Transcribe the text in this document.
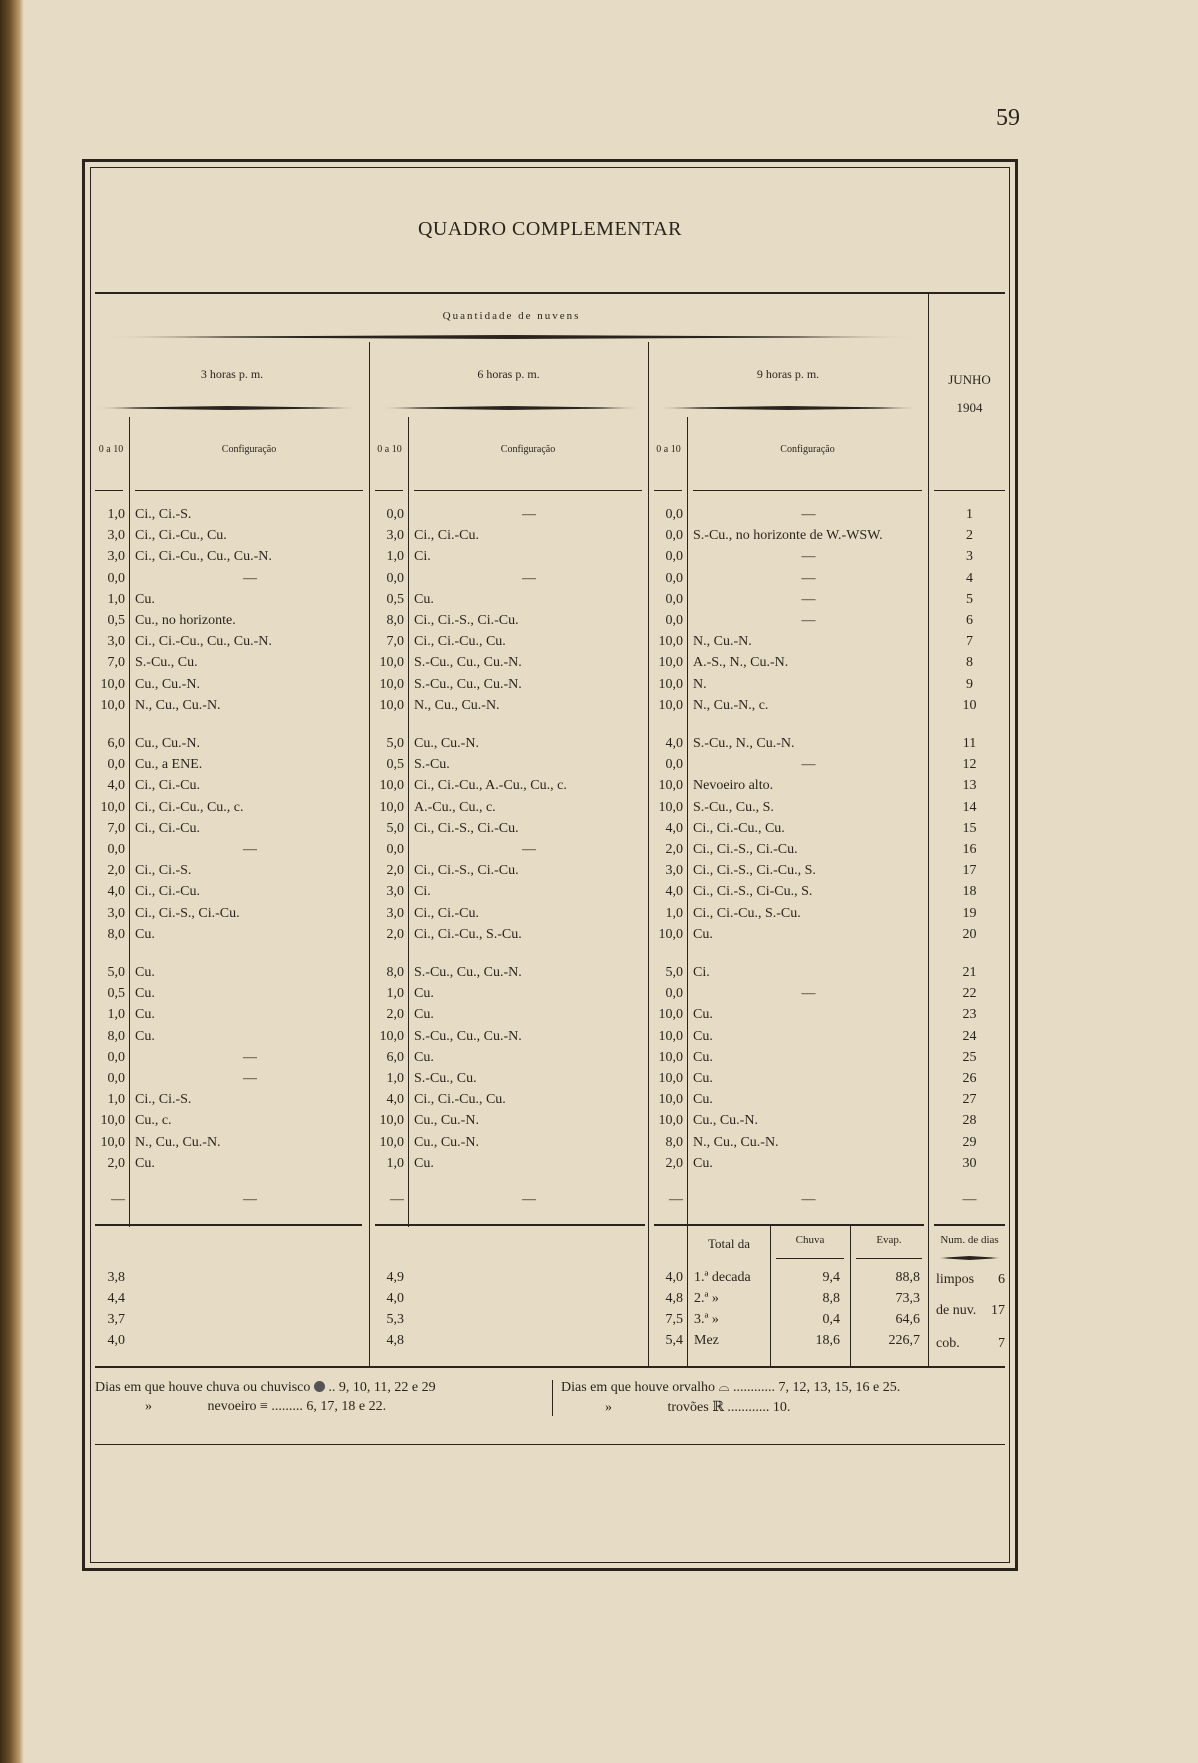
59
QUADRO COMPLEMENTAR
Quantidade de nuvens
3 horas p. m.	6 horas p. m.	9 horas p. m.	JUNHO
1904
0 a 10	Configuração	0 a 10	Configuração	0 a 10	Configuração
1,0 Ci., Ci.-S.	0,0	—	0,0	—	1
3,0 Ci., Ci.-Cu., Cu.	3,0 Ci., Ci.-Cu.	0,0 S.-Cu., no horizonte de W.-WSW.	2
3,0 Ci., Ci.-Cu., Cu., Cu.-N.	1,0 Ci.	0,0	—	3
0,0	—	0,0	—	0,0	—	4
1,0 Cu.	0,5 Cu.	0,0	—	5
0,5 Cu., no horizonte.	8,0 Ci., Ci.-S., Ci.-Cu.	0,0	—	6
3,0 Ci., Ci.-Cu., Cu., Cu.-N.	7,0 Ci., Ci.-Cu., Cu.	10,0 N., Cu.-N.	7
7,0 S.-Cu., Cu.	10,0 S.-Cu., Cu., Cu.-N.	10,0 A.-S., N., Cu.-N.	8
10,0 Cu., Cu.-N.	10,0 S.-Cu., Cu., Cu.-N.	10,0 N.	9
10,0 N., Cu., Cu.-N.	10,0 N., Cu., Cu.-N.	10,0 N., Cu.-N., c.	10
6,0 Cu., Cu.-N.	5,0 Cu., Cu.-N.	4,0 S.-Cu., N., Cu.-N.	11
0,0 Cu., a ENE.	0,5 S.-Cu.	0,0	—	12
4,0 Ci., Ci.-Cu.	10,0 Ci., Ci.-Cu., A.-Cu., Cu., c.	10,0 Nevoeiro alto.	13
10,0 Ci., Ci.-Cu., Cu., c.	10,0 A.-Cu., Cu., c.	10,0 S.-Cu., Cu., S.	14
7,0 Ci., Ci.-Cu.	5,0 Ci., Ci.-S., Ci.-Cu.	4,0 Ci., Ci.-Cu., Cu.	15
0,0	—	0,0	—	2,0 Ci., Ci.-S., Ci.-Cu.	16
2,0 Ci., Ci.-S.	2,0 Ci., Ci.-S., Ci.-Cu.	3,0 Ci., Ci.-S., Ci.-Cu., S.	17
4,0 Ci., Ci.-Cu.	3,0 Ci.	4,0 Ci., Ci.-S., Ci-Cu., S.	18
3,0 Ci., Ci.-S., Ci.-Cu.	3,0 Ci., Ci.-Cu.	1,0 Ci., Ci.-Cu., S.-Cu.	19
8,0 Cu.	2,0 Ci., Ci.-Cu., S.-Cu.	10,0 Cu.	20
5,0 Cu.	8,0 S.-Cu., Cu., Cu.-N.	5,0 Ci.	21
0,5 Cu.	1,0 Cu.	0,0	—	22
1,0 Cu.	2,0 Cu.	10,0 Cu.	23
8,0 Cu.	10,0 S.-Cu., Cu., Cu.-N.	10,0 Cu.	24
0,0	—	6,0 Cu.	10,0 Cu.	25
0,0	—	1,0 S.-Cu., Cu.	10,0 Cu.	26
1,0 Ci., Ci.-S.	4,0 Ci., Ci.-Cu., Cu.	10,0 Cu.	27
10,0 Cu., c.	10,0 Cu., Cu.-N.	10,0 Cu., Cu.-N.	28
10,0 N., Cu., Cu.-N.	10,0 Cu., Cu.-N.	8,0 N., Cu., Cu.-N.	29
2,0 Cu.	1,0 Cu.	2,0 Cu.	30
—	—	—	—	—	—	—
Total da	Chuva	Evap.	Num. de dias
3,8	4,9	4,0 1.ª decada	9,4	88,8
4,4	4,0	4,8 2.ª »	8,8	73,3
3,7	5,3	7,5 3.ª »	0,4	64,6
4,0	4,8	5,4 Mez	18,6	226,7
limpos	6
de nuv.	17
cob.	7
Dias em que houve chuva ou chuvisco .. 9, 10, 11, 22 e 29
»	nevoeiro ≡ ......... 6, 17, 18 e 22.
Dias em que houve orvalho ⌓ ............ 7, 12, 13, 15, 16 e 25.
»	trovões ℝ ............ 10.
